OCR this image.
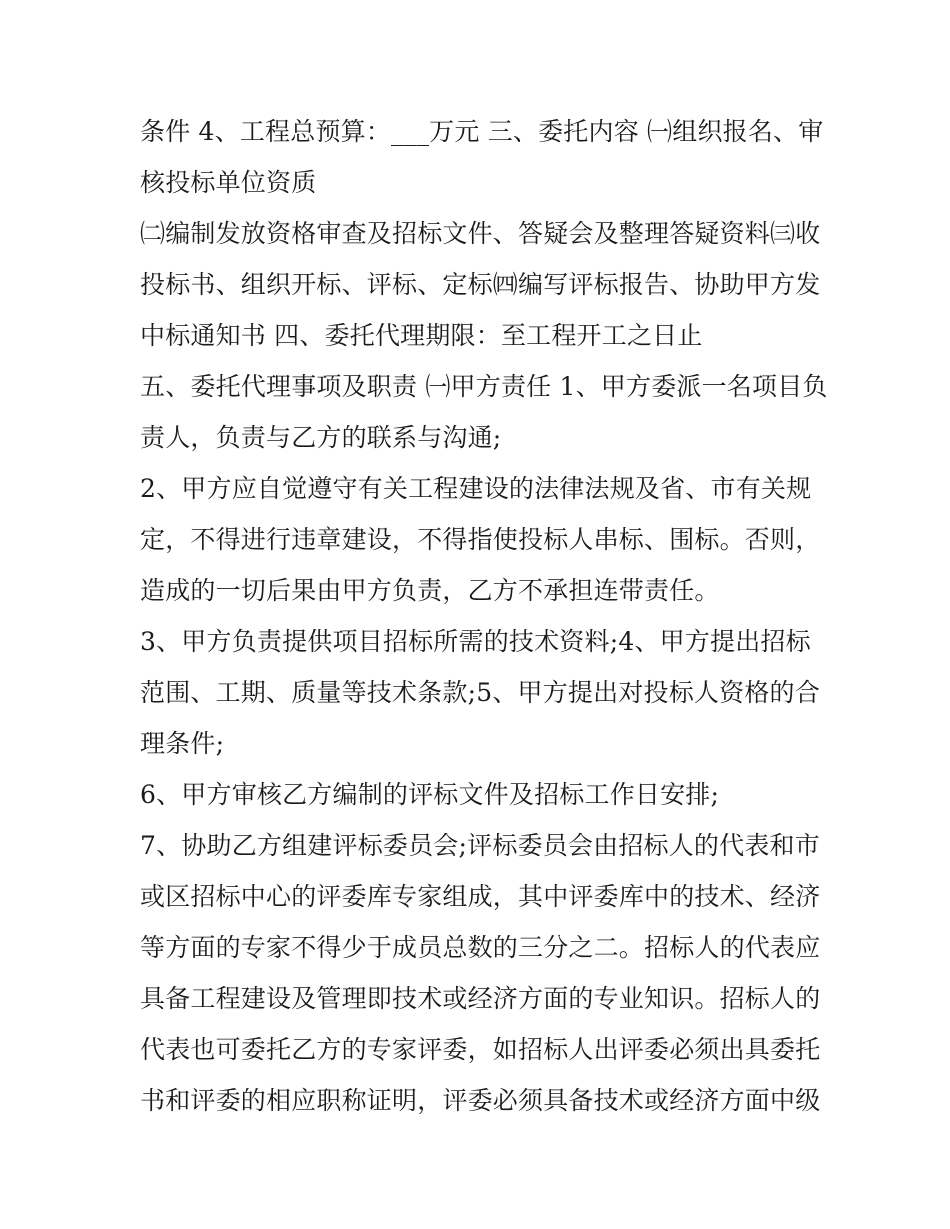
条件 4、工程总预算：___万元 三、委托内容 ㈠组织报名、审
核投标单位资质
㈡编制发放资格审查及招标文件、答疑会及整理答疑资料㈢收
投标书、组织开标、评标、定标㈣编写评标报告、协助甲方发
中标通知书 四、委托代理期限：至工程开工之日止
五、委托代理事项及职责 ㈠甲方责任 1、甲方委派一名项目负
责人，负责与乙方的联系与沟通;
2、甲方应自觉遵守有关工程建设的法律法规及省、市有关规
定，不得进行违章建设，不得指使投标人串标、围标。否则，
造成的一切后果由甲方负责，乙方不承担连带责任。
3、甲方负责提供项目招标所需的技术资料;4、甲方提出招标
范围、工期、质量等技术条款;5、甲方提出对投标人资格的合
理条件;
6、甲方审核乙方编制的评标文件及招标工作日安排;
7、协助乙方组建评标委员会;评标委员会由招标人的代表和市
或区招标中心的评委库专家组成，其中评委库中的技术、经济
等方面的专家不得少于成员总数的三分之二。招标人的代表应
具备工程建设及管理即技术或经济方面的专业知识。招标人的
代表也可委托乙方的专家评委，如招标人出评委必须出具委托
书和评委的相应职称证明，评委必须具备技术或经济方面中级
